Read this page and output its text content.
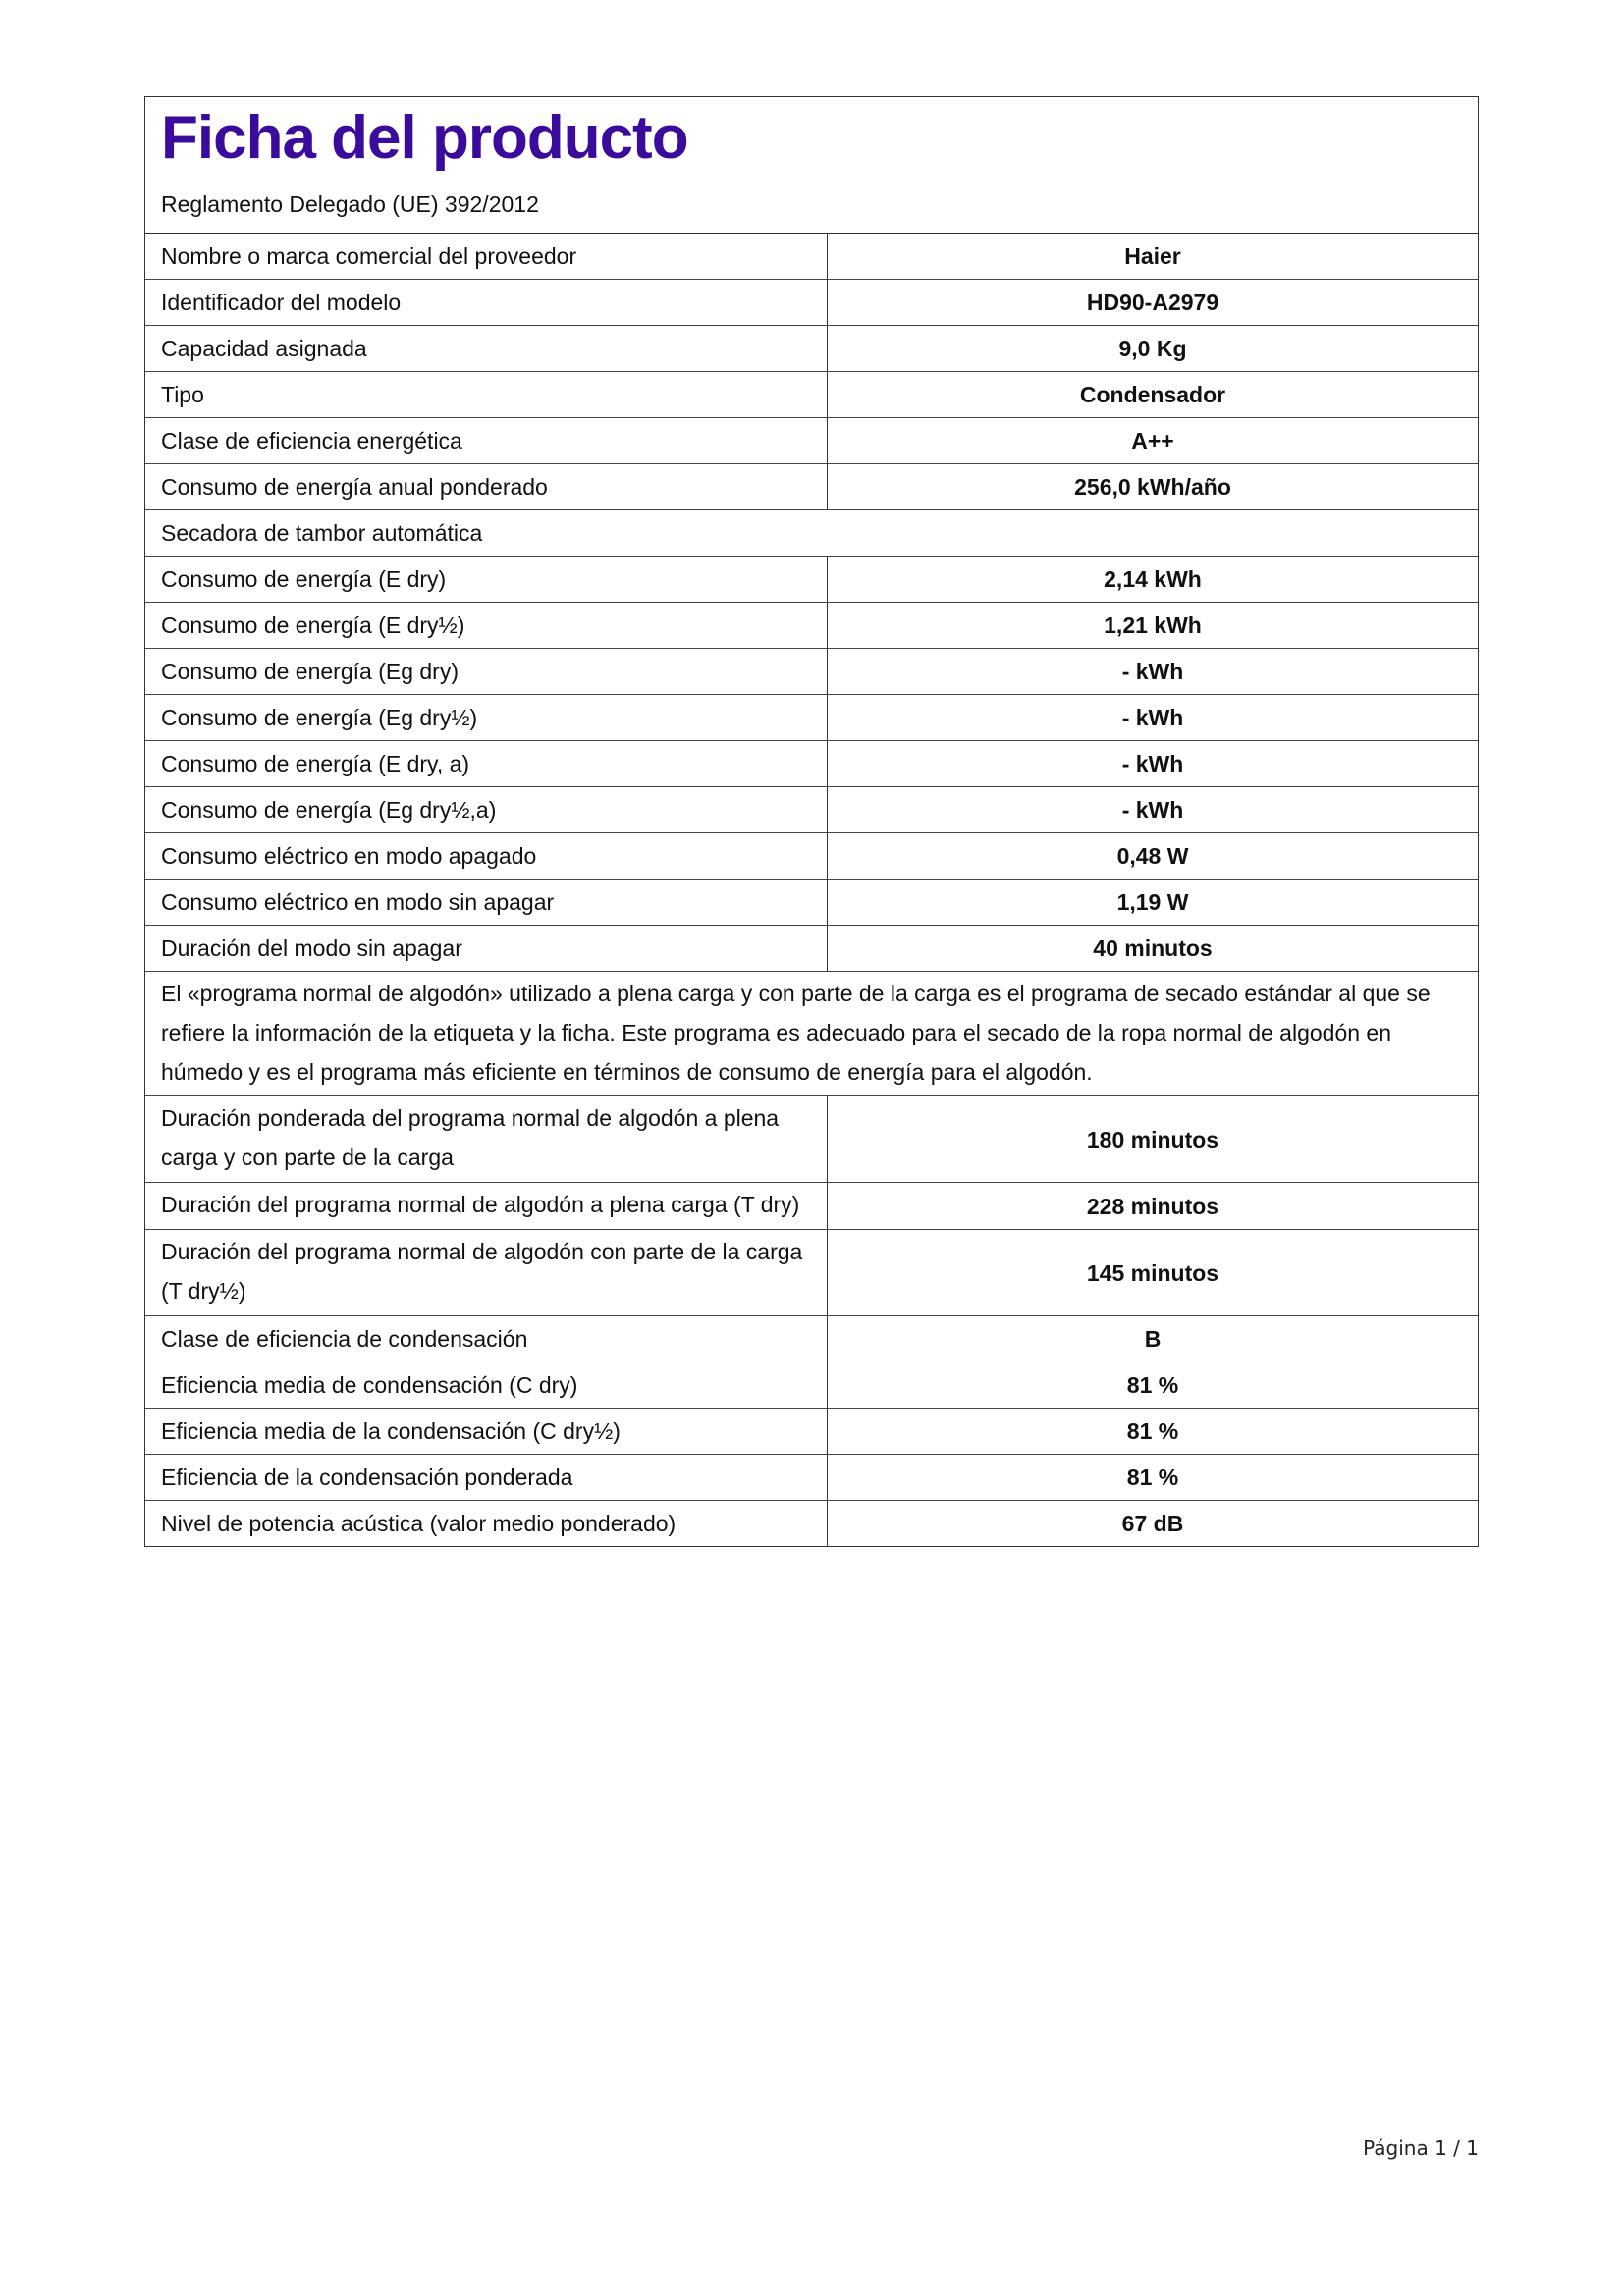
Ficha del producto
Reglamento Delegado (UE) 392/2012
Nombre o marca comercial del proveedor	Haier
Identificador del modelo	HD90-A2979
Capacidad asignada	9,0 Kg
Tipo	Condensador
Clase de eficiencia energética	A++
Consumo de energía anual ponderado	256,0 kWh/año
Secadora de tambor automática	
Consumo de energía (E dry)	2,14 kWh
Consumo de energía (E dry½)	1,21 kWh
Consumo de energía (Eg dry)	- kWh
Consumo de energía (Eg dry½)	- kWh
Consumo de energía (E dry, a)	- kWh
Consumo de energía (Eg dry½,a)	- kWh
Consumo eléctrico en modo apagado	0,48 W
Consumo eléctrico en modo sin apagar	1,19 W
Duración del modo sin apagar	40 minutos
El «programa normal de algodón» utilizado a plena carga y con parte de la carga es el programa de secado estándar al que se refiere la información de la etiqueta y la ficha. Este programa es adecuado para el secado de la ropa normal de algodón en húmedo y es el programa más eficiente en términos de consumo de energía para el algodón.	
Duración ponderada del programa normal de algodón a plena carga y con parte de la carga	180 minutos
Duración del programa normal de algodón a plena carga (T dry)	228 minutos
Duración del programa normal de algodón con parte de la carga (T dry½)	145 minutos
Clase de eficiencia de condensación	B
Eficiencia media de condensación (C dry)	81 %
Eficiencia media de la condensación (C dry½)	81 %
Eficiencia de la condensación ponderada	81 %
Nivel de potencia acústica (valor medio ponderado)	67 dB
Página 1 / 1
